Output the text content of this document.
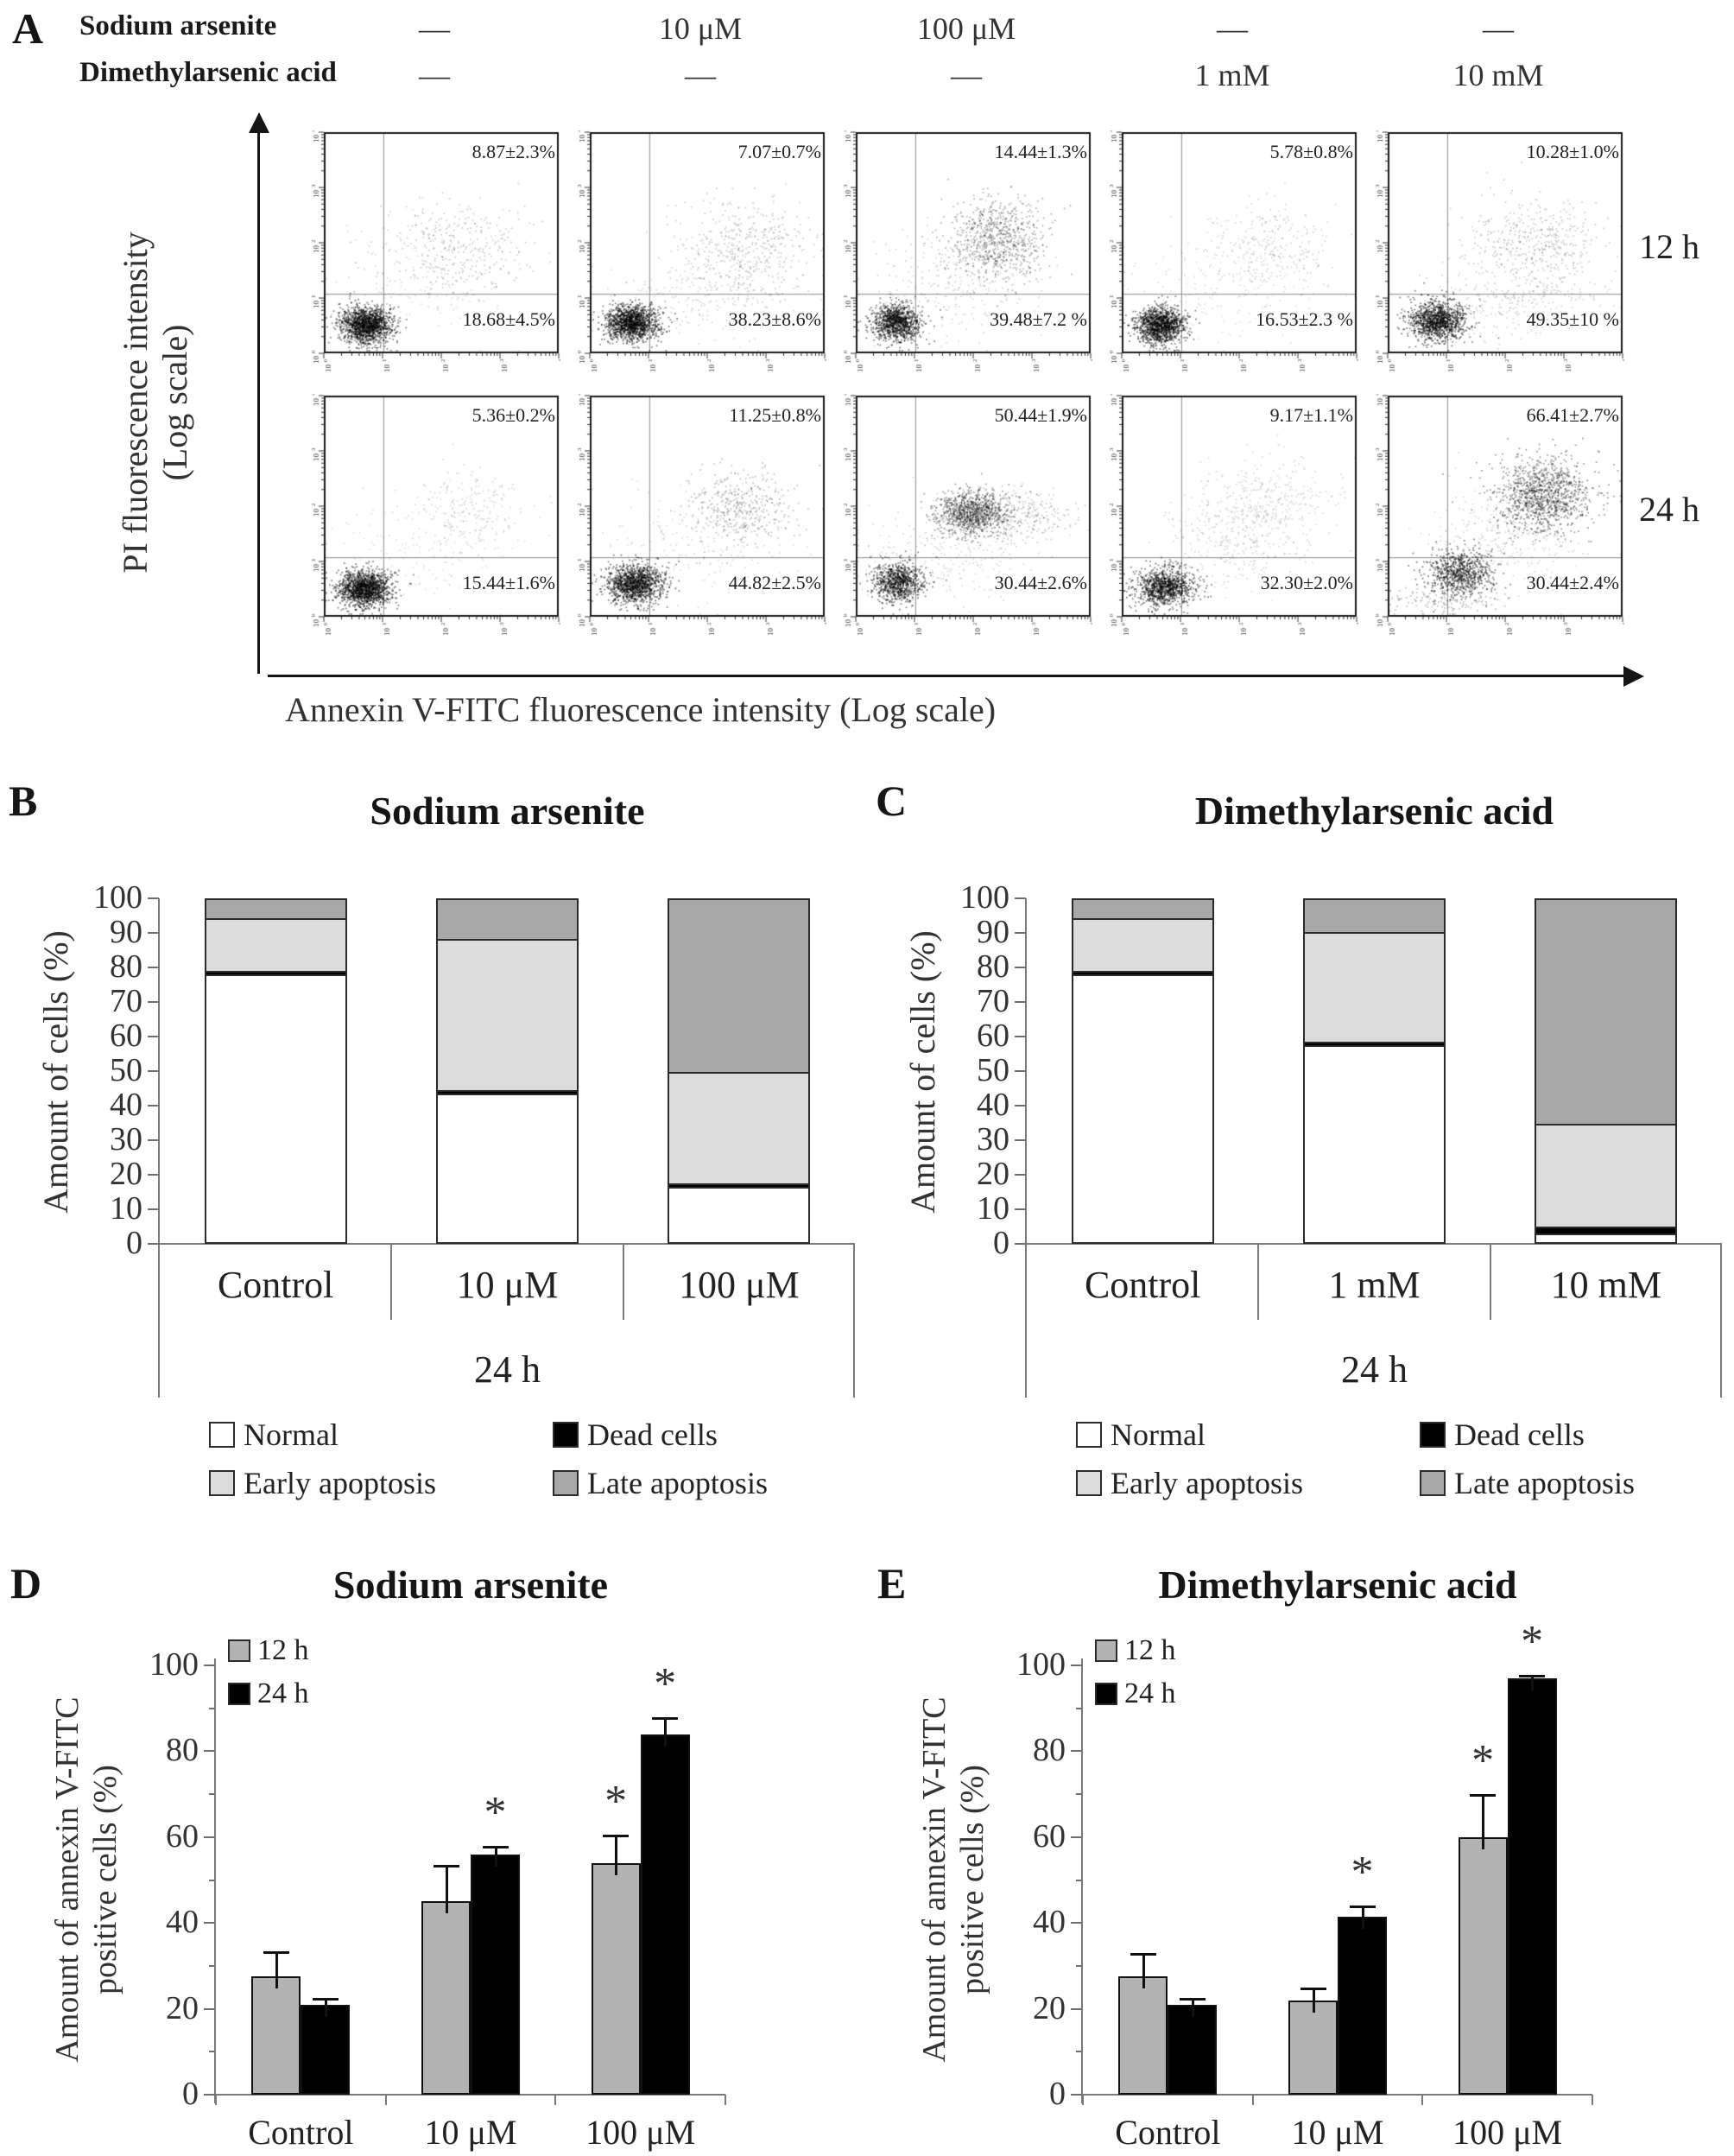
A Sodium arsenite	—	10 μM	100 μM	—	—
Dimethylarsenic acid	—	—	—	1 mM	10 mM
PI fluorescence intensity (Log scale)
8.87±2.3%
18.68±4.5%
7.07±0.7%
38.23±8.6%
14.44±1.3%
39.48±7.2 %
5.78±0.8%
16.53±2.3 %
10.28±1.0%
49.35±10 %
5.36±0.2%
15.44±1.6%
11.25±0.8%
44.82±2.5%
50.44±1.9%
30.44±2.6%
9.17±1.1%
32.30±2.0%
66.41±2.7%
30.44±2.4%
12 h
24 h
Annexin V-FITC fluorescence intensity (Log scale)
B	Sodium arsenite
Amount of cells (%)
0
10
20
30
40
50
60
70
80
90
100
Control	10 μM	100 μM
24 h
Normal	Dead cells
Early apoptosis	Late apoptosis
C	Dimethylarsenic acid
Amount of cells (%)
0
10
20
30
40
50
60
70
80
90
100
Control	1 mM	10 mM
24 h
Normal	Dead cells
Early apoptosis	Late apoptosis
D	Sodium arsenite
Amount of annexin V-FITC positive cells (%)
0
20
40
60
80
100 12 h
24 h
Control
*
10 μM
*
*
100 μM
E	Dimethylarsenic acid
Amount of annexin V-FITC positive cells (%)
0
20
40
60
80
100 12 h
24 h
Control
*
10 μM
*
*
100 μM
